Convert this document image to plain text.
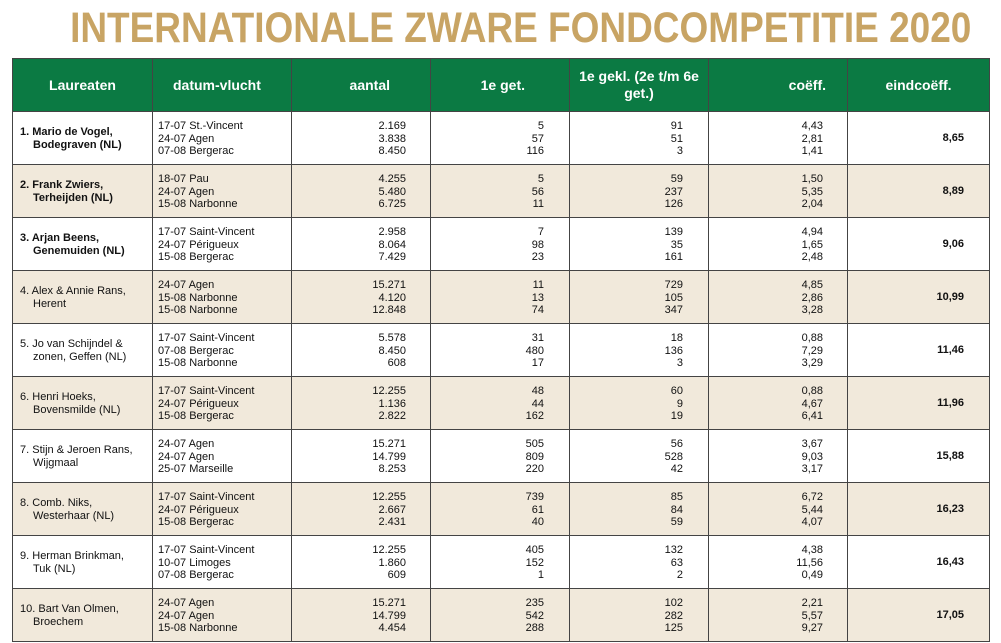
INTERNATIONALE ZWARE FONDCOMPETITIE 2020
Laureaten	datum-vlucht	aantal	1e get.	1e gekl. (2e t/m 6e get.)	coëff.	eindcoëff.

1. Mario de Vogel,
Bodegraven (NL)	17-07 St.-Vincent
24-07 Agen
07-08 Bergerac	2.169
3.838
8.450	5
57
116	91
51
3	4,43
2,81
1,41	8,65

2. Frank Zwiers,
Terheijden (NL)	18-07 Pau
24-07 Agen
15-08 Narbonne	4.255
5.480
6.725	5
56
11	59
237
126	1,50
5,35
2,04	8,89

3. Arjan Beens,
Genemuiden (NL)	17-07 Saint-Vincent
24-07 Périgueux
15-08 Bergerac	2.958
8.064
7.429	7
98
23	139
35
161	4,94
1,65
2,48	9,06

4. Alex & Annie Rans,
Herent	24-07 Agen
15-08 Narbonne
15-08 Narbonne	15.271
4.120
12.848	11
13
74	729
105
347	4,85
2,86
3,28	10,99

5. Jo van Schijndel &
zonen, Geffen (NL)	17-07 Saint-Vincent
07-08 Bergerac
15-08 Narbonne	5.578
8.450
608	31
480
17	18
136
3	0,88
7,29
3,29	11,46

6. Henri Hoeks,
Bovensmilde (NL)	17-07 Saint-Vincent
24-07 Périgueux
15-08 Bergerac	12.255
1.136
2.822	48
44
162	60
9
19	0,88
4,67
6,41	11,96

7. Stijn & Jeroen Rans,
Wijgmaal	24-07 Agen
24-07 Agen
25-07 Marseille	15.271
14.799
8.253	505
809
220	56
528
42	3,67
9,03
3,17	15,88

8. Comb. Niks,
Westerhaar (NL)	17-07 Saint-Vincent
24-07 Périgueux
15-08 Bergerac	12.255
2.667
2.431	739
61
40	85
84
59	6,72
5,44
4,07	16,23

9. Herman Brinkman,
Tuk (NL)	17-07 Saint-Vincent
10-07 Limoges
07-08 Bergerac	12.255
1.860
609	405
152
1	132
63
2	4,38
11,56
0,49	16,43

10. Bart Van Olmen,
Broechem	24-07 Agen
24-07 Agen
15-08 Narbonne	15.271
14.799
4.454	235
542
288	102
282
125	2,21
5,57
9,27	17,05
